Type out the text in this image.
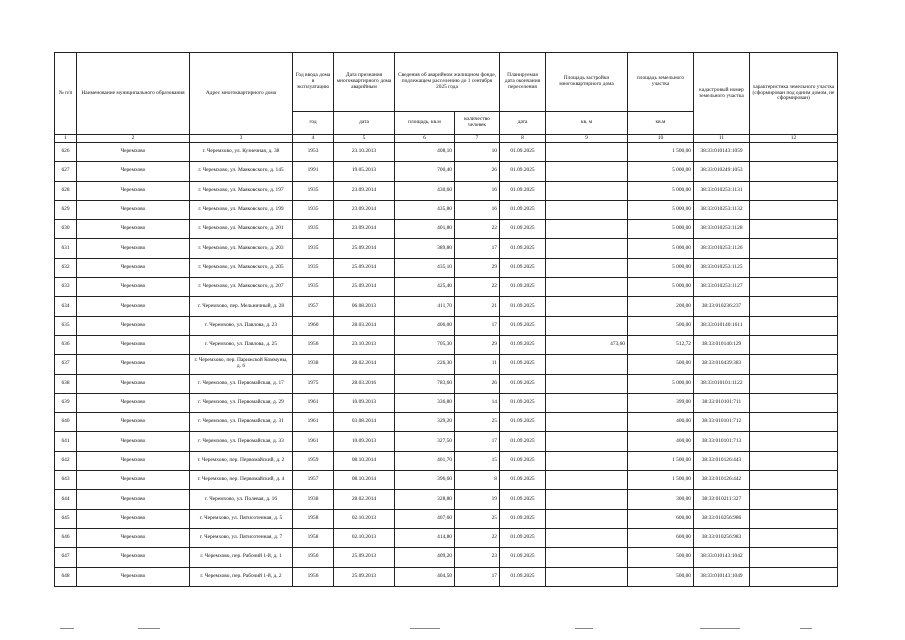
№ п/п	Наименование муниципального образования	Адрес многоквартирного дома	Год ввода дома в эксплуатацию	Дата признания многоквартирного дома аварийным	Сведения об аварийном жилищном фонде, подлежащем расселению до 1 сентября 2025 года		Планируемая дата окончания переселения	Площадь застройки многоквартирного дома	площадь земельного участка	кадастровый номер земельного участка	характеристика земельного участка (сформирован под одним домом, не сформирован)
			год	дата	площадь, кв.м	количество человек	дата	кв. м	кв.м		
1	2	3	4	5	6	7	8	9	10	11	12
626	Черемхово	г. Черемхово, ул. Кузнечная, д. 38	1953	23.10.2013	408,10	10	01.09.2025		1 500,00	38:33:010143:1059	
627	Черемхово	г. Черемхово, ул. Маяковского, д. 145	1991	19.05.2013	700,40	26	01.09.2025		5 000,00	38:33:010249:1053	
628	Черемхово	г. Черемхово, ул. Маяковского, д. 197	1935	23.09.2014	430,60	16	01.09.2025		5 000,00	38:33:010253:1131	
629	Черемхово	г. Черемхово, ул. Маяковского, д. 199	1935	23.09.2014	435,80	16	01.09.2025		5 000,00	38:33:010253:1132	
630	Черемхово	г. Черемхово, ул. Маяковского, д. 201	1935	23.09.2014	401,80	22	01.09.2025		5 000,00	38:33:010253:1128	
631	Черемхово	г. Черемхово, ул. Маяковского, д. 203	1935	25.09.2014	389,80	17	01.09.2025		5 000,00	38:33:010253:1126	
632	Черемхово	г. Черемхово, ул. Маяковского, д. 205	1935	25.09.2014	435,10	29	01.09.2025		5 000,00	38:33:010253:1125	
633	Черемхово	г. Черемхово, ул. Маяковского, д. 207	1935	25.09.2014	425,40	22	01.09.2025		5 000,00	38:33:010253:1127	
634	Черемхово	г. Черемхово, пер. Мельничный, д. 28	1957	06.08.2013	411,70	21	01.09.2025		200,00	38:33:010236:237	
635	Черемхово	г. Черемхово, ул. Павлова, д. 23	1960	28.03.2014	406,00	17	01.09.2025		500,00	38:33:010140:1611	
636	Черемхово	г. Черемхово, ул. Павлова, д. 25	1956	23.10.2013	705,30	29	01.09.2025	473,60	512,72	38:33:010140:129	
637	Черемхово	г. Черемхово, пер. Парижской Коммуны, д. 6	1938	28.02.2014	226,30	11	01.09.2025		500,00	38:33:010439:383	
638	Черемхово	г. Черемхово, ул. Первомайская, д. 17	1975	28.03.2016	783,60	26	01.09.2025		5 000,00	38:33:010101:1122	
639	Черемхово	г. Черемхово, ул. Первомайская, д. 29	1961	10.09.2013	336,80	14	01.09.2025		399,00	38:33:010101:711	
640	Черемхово	г. Черемхово, ул. Первомайская, д. 31	1961	03.08.2014	329,20	25	01.09.2025		400,00	38:33:010101:712	
641	Черемхово	г. Черемхово, ул. Первомайская, д. 33	1961	10.09.2013	327,50	17	01.09.2025		400,00	38:33:010101:713	
642	Черемхово	г. Черемхово, пер. Первомайский, д. 2	1959	08.10.2014	401,70	15	01.09.2025		1 500,00	38:33:010126:443	
643	Черемхово	г. Черемхово, пер. Первомайский, д. 4	1957	08.10.2014	396,60	8	01.09.2025		1 500,00	38:33:010126:442	
644	Черемхово	г. Черемхово, ул. Полевая, д. 16	1938	28.02.2014	328,80	19	01.09.2025		300,00	38:33:010211:327	
645	Черемхово	г. Черемхово, ул. Пятисотенная, д. 5	1958	02.10.2013	407,60	25	01.09.2025		600,00	38:33:010256:986	
646	Черемхово	г. Черемхово, ул. Пятисотенная, д. 7	1958	02.10.2013	414,80	22	01.09.2025		600,00	38:33:010256:983	
647	Черемхово	г. Черемхово, пер. Рабочий 1-й, д. 1	1956	25.09.2013	409,20	23	01.09.2025		500,00	38:33:010143:1042	
648	Черемхово	г. Черемхово, пер. Рабочий 1-й, д. 2	1956	25.09.2013	404,50	17	01.09.2025		500,00	38:33:010143:1049	
